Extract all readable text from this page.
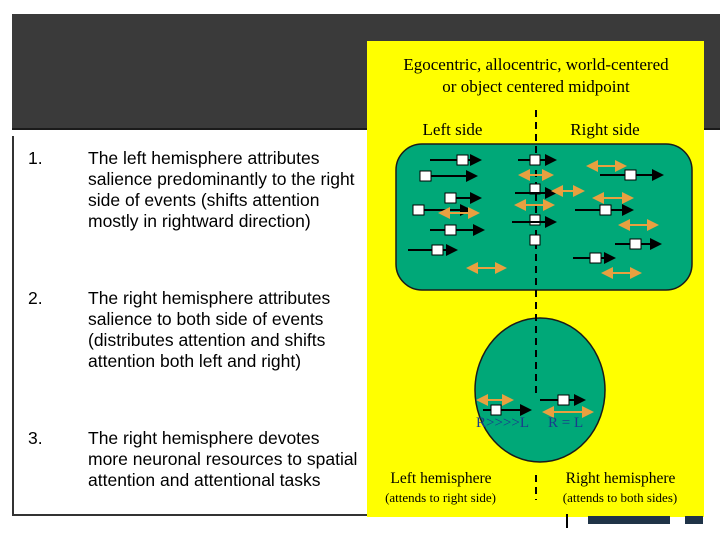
1.	The left hemisphere attributes salience predominantly to the right side of events (shifts attention mostly in rightward direction)
2.	The right hemisphere attributes salience to both side of events (distributes attention and shifts attention both left and right)
3.	The right hemisphere devotes more neuronal resources to spatial attention and attentional tasks
Egocentric, allocentric, world-centered
or object centered midpoint
Left side	Right side
R>>>>L	R = L
Left hemisphere
(attends to right side)
Right hemisphere
(attends to both sides)
